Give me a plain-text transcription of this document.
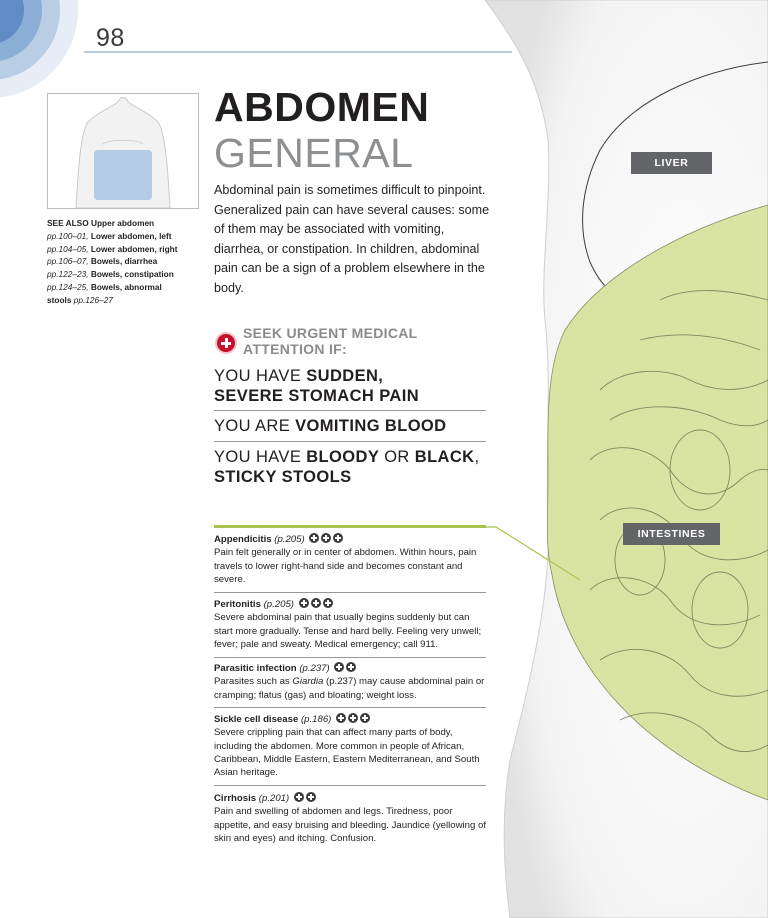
98
SEE ALSO Upper abdomen
pp.100–01, Lower abdomen, left
pp.104–05, Lower abdomen, right
pp.106–07, Bowels, diarrhea
pp.122–23, Bowels, constipation
pp.124–25, Bowels, abnormal
stools pp.126–27
ABDOMEN
GENERAL
Abdominal pain is sometimes difficult to pinpoint. Generalized pain can have several causes: some of them may be associated with vomiting, diarrhea, or constipation. In children, abdominal pain can be a sign of a problem elsewhere in the body.
SEEK URGENT MEDICAL
ATTENTION IF:
YOU HAVE SUDDEN,
SEVERE STOMACH PAIN
YOU ARE VOMITING BLOOD
YOU HAVE BLOODY OR BLACK,
STICKY STOOLS
Appendicitis (p.205)
Pain felt generally or in center of abdomen. Within hours, pain travels to lower right-hand side and becomes constant and severe.
Peritonitis (p.205)
Severe abdominal pain that usually begins suddenly but can start more gradually. Tense and hard belly. Feeling very unwell; fever; pale and sweaty. Medical emergency; call 911.
Parasitic infection (p.237)
Parasites such as Giardia (p.237) may cause abdominal pain or cramping; flatus (gas) and bloating; weight loss.
Sickle cell disease (p.186)
Severe crippling pain that can affect many parts of body, including the abdomen. More common in people of African, Caribbean, Middle Eastern, Eastern Mediterranean, and South Asian heritage.
Cirrhosis (p.201)
Pain and swelling of abdomen and legs. Tiredness, poor appetite, and easy bruising and bleeding. Jaundice (yellowing of skin and eyes) and itching. Confusion.
LIVER
INTESTINES
